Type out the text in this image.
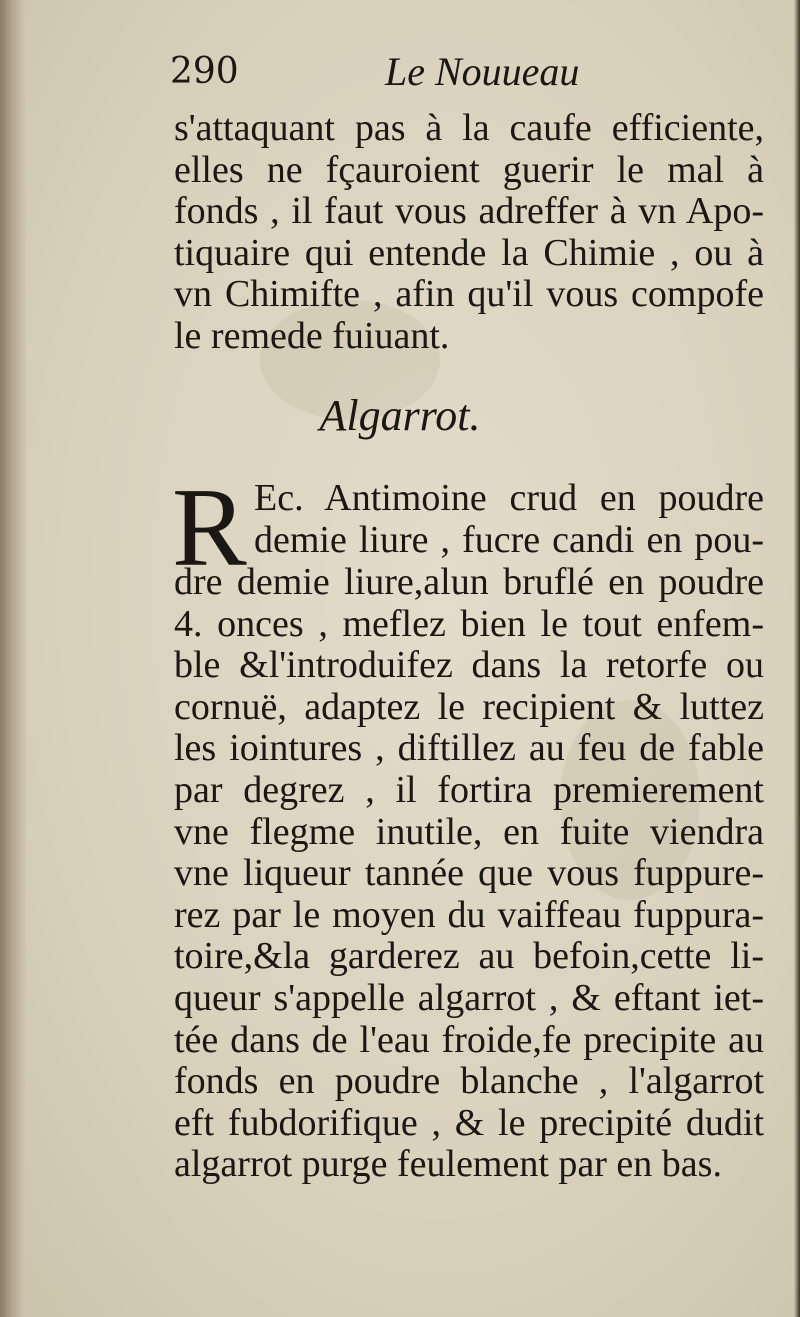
290	Le Nouueau
s'attaquant pas à la caufe efficiente,
elles ne fçauroient guerir le mal à
fonds , il faut vous adreffer à vn Apo-
tiquaire qui entende la Chimie , ou à
vn Chimifte , afin qu'il vous compofe
le remede fuiuant.
Algarrot.
R Ec. Antimoine crud en poudre
demie liure , fucre candi en pou-
dre demie liure,alun bruflé en poudre
4. onces , meflez bien le tout enfem-
ble &l'introduifez dans la retorfe ou
cornuë, adaptez le recipient & luttez
les iointures , diftillez au feu de fable
par degrez , il fortira premierement
vne flegme inutile, en fuite viendra
vne liqueur tannée que vous fuppure-
rez par le moyen du vaiffeau fuppura-
toire,&la garderez au befoin,cette li-
queur s'appelle algarrot , & eftant iet-
tée dans de l'eau froide,fe precipite au
fonds en poudre blanche , l'algarrot
eft fubdorifique , & le precipité dudit
algarrot purge feulement par en bas.
